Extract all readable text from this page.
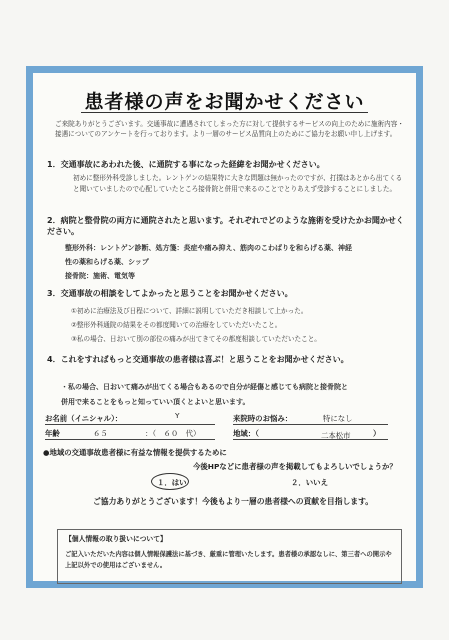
患者様の声をお聞かせください
ご来院ありがとうございます。交通事故に遭遇されてしまった方に対して提供するサービスの向上のために施術内容・接遇についてのアンケートを行っております。より一層のサービス品質向上のためにご協力をお願い申し上げます。
1．交通事故にあわれた後、に通院する事になった経緯をお聞かせください。
初めに整形外科受診しました。レントゲンの結果特に大きな問題は無かったのですが、打撲はあとから出てくると聞いていましたので心配していたところ接骨院と併用で来るのことでとりあえず受診することにしました。
2．病院と整骨院の両方に通院されたと思います。それぞれでどのような施術を受けたかお聞かせください。
整形外科：レントゲン診断、処方箋：炎症や痛み抑え、筋肉のこわばりを和らげる薬、神経
性の薬和らげる薬、シップ
接骨院：施術、電気等
3．交通事故の相談をしてよかったと思うことをお聞かせください。
①初めに治療法及び日程について、詳細に説明していただき相談して上かった。
②整形外科通院の結果をその都度聞いての治療をしていただいたこと。
③私の場合、日おいて別の部位の痛みが出てきてその都度相談していただいたこと。
4．これをすればもっと交通事故の患者様は喜ぶ！と思うことをお聞かせください。
・私の場合、日おいて痛みが出てくる場合もあるので自分が経傷と感じても病院と接骨院と
併用で来ることをもっと知っていい頂くとよいと思います。
お名前（イニシャル）：	Y
年齢	６５	：（　６０　代）
来院時のお悩み：	特になし
地域：（	二本松市	）
●地域の交通事故患者様に有益な情報を提供するために
今後HPなどに患者様の声を掲載してもよろしいでしょうか？
１．はい	２．いいえ
ご協力ありがとうございます！今後もより一層の患者様への貢献を目指します。
【個人情報の取り扱いについて】
ご記入いただいた内容は個人情報保護法に基づき、厳重に管理いたします。患者様の承認なしに、第三者への開示や上記以外での使用はございません。
